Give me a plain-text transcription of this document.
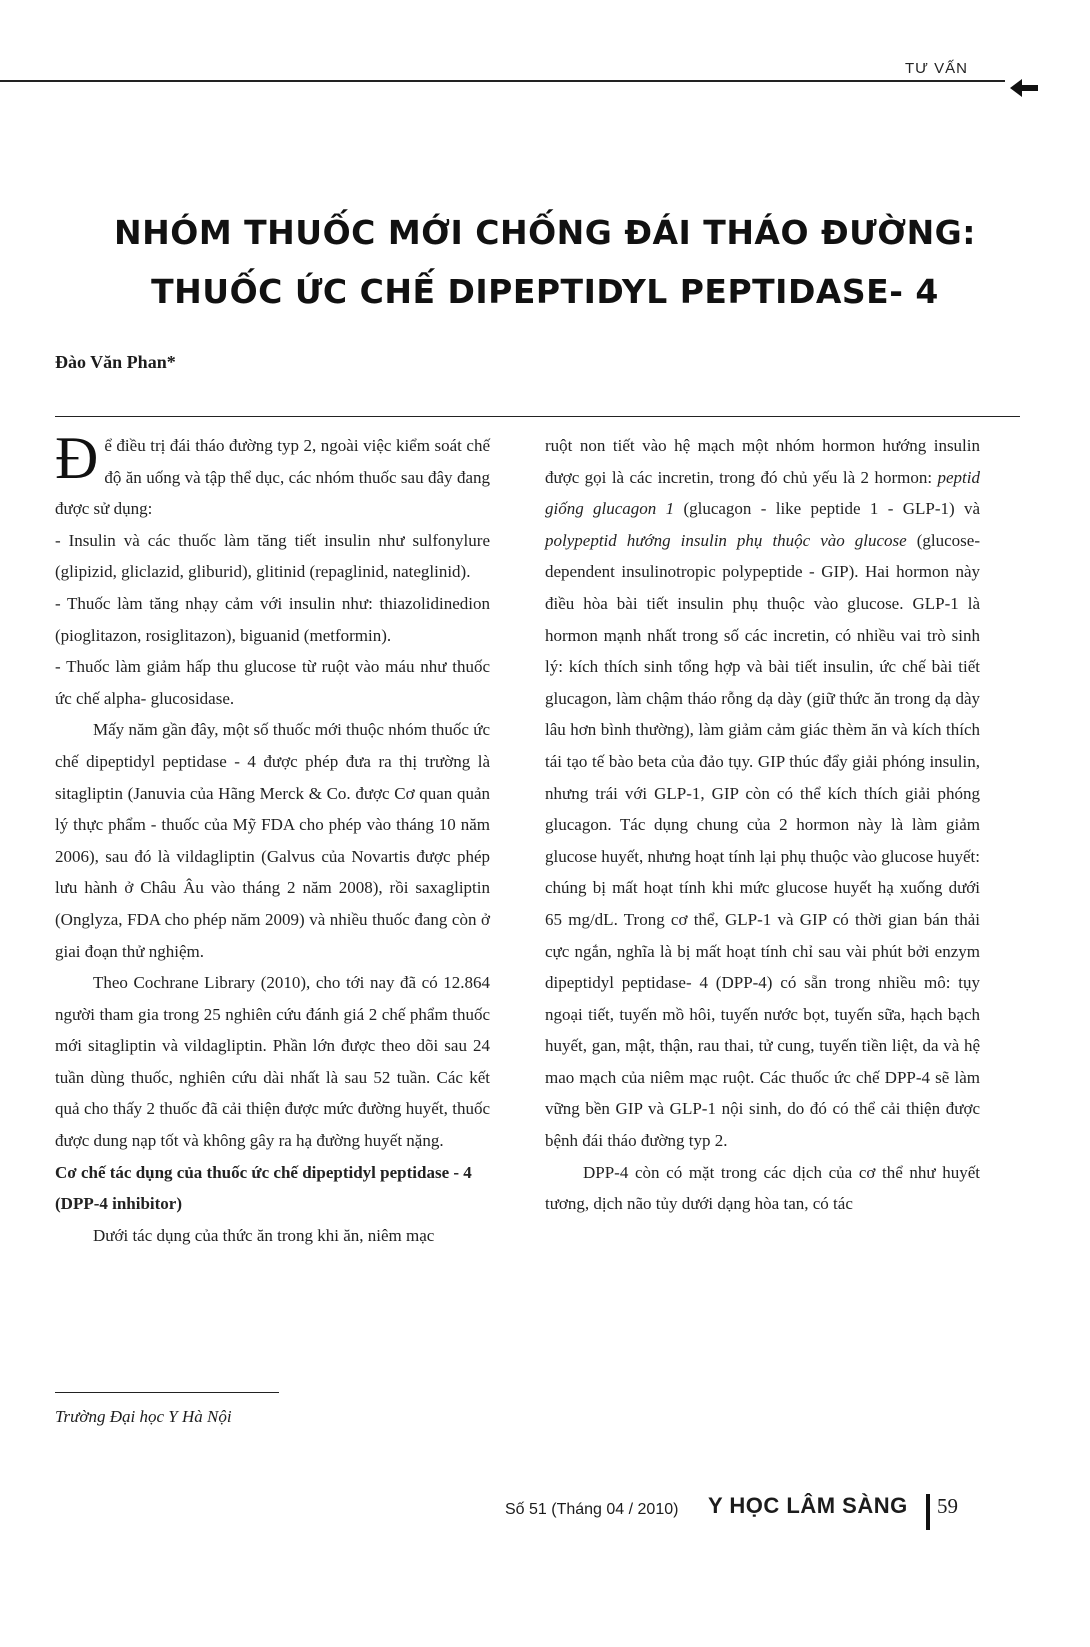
TƯ VẤN
NHÓM THUỐC MỚI CHỐNG ĐÁI THÁO ĐƯỜNG:
THUỐC ỨC CHẾ DIPEPTIDYL PEPTIDASE- 4
Đào Văn Phan*

Để điều trị đái tháo đường typ 2, ngoài việc kiểm soát chế độ ăn uống và tập thể dục, các nhóm thuốc sau đây đang được sử dụng:

- Insulin và các thuốc làm tăng tiết insulin như sulfonylure (glipizid, gliclazid, gliburid), glitinid (repaglinid, nateglinid).

- Thuốc làm tăng nhạy cảm với insulin như: thiazolidinedion (pioglitazon, rosiglitazon), biguanid (metformin).

- Thuốc làm giảm hấp thu glucose từ ruột vào máu như thuốc ức chế alpha- glucosidase.

Mấy năm gần đây, một số thuốc mới thuộc nhóm thuốc ức chế dipeptidyl peptidase - 4 được phép đưa ra thị trường là sitagliptin (Januvia của Hãng Merck & Co. được Cơ quan quản lý thực phẩm - thuốc của Mỹ FDA cho phép vào tháng 10 năm 2006), sau đó là vildagliptin (Galvus của Novartis được phép lưu hành ở Châu Âu vào tháng 2 năm 2008), rồi saxagliptin (Onglyza, FDA cho phép năm 2009) và nhiều thuốc đang còn ở giai đoạn thử nghiệm.

Theo Cochrane Library (2010), cho tới nay đã có 12.864 người tham gia trong 25 nghiên cứu đánh giá 2 chế phẩm thuốc mới sitagliptin và vildagliptin. Phần lớn được theo dõi sau 24 tuần dùng thuốc, nghiên cứu dài nhất là sau 52 tuần. Các kết quả cho thấy 2 thuốc đã cải thiện được mức đường huyết, thuốc được dung nạp tốt và không gây ra hạ đường huyết nặng.

Cơ chế tác dụng của thuốc ức chế dipeptidyl peptidase - 4 (DPP-4 inhibitor)

Dưới tác dụng của thức ăn trong khi ăn, niêm mạc

ruột non tiết vào hệ mạch một nhóm hormon hướng insulin được gọi là các incretin, trong đó chủ yếu là 2 hormon: peptid giống glucagon 1 (glucagon - like peptide 1 - GLP-1) và polypeptid hướng insulin phụ thuộc vào glucose (glucose-dependent insulinotropic polypeptide - GIP). Hai hormon này điều hòa bài tiết insulin phụ thuộc vào glucose. GLP-1 là hormon mạnh nhất trong số các incretin, có nhiều vai trò sinh lý: kích thích sinh tổng hợp và bài tiết insulin, ức chế bài tiết glucagon, làm chậm tháo rỗng dạ dày (giữ thức ăn trong dạ dày lâu hơn bình thường), làm giảm cảm giác thèm ăn và kích thích tái tạo tế bào beta của đảo tụy. GIP thúc đẩy giải phóng insulin, nhưng trái với GLP-1, GIP còn có thể kích thích giải phóng glucagon. Tác dụng chung của 2 hormon này là làm giảm glucose huyết, nhưng hoạt tính lại phụ thuộc vào glucose huyết: chúng bị mất hoạt tính khi mức glucose huyết hạ xuống dưới 65 mg/dL. Trong cơ thể, GLP-1 và GIP có thời gian bán thải cực ngắn, nghĩa là bị mất hoạt tính chỉ sau vài phút bởi enzym dipeptidyl peptidase- 4 (DPP-4) có sẵn trong nhiều mô: tụy ngoại tiết, tuyến mồ hôi, tuyến nước bọt, tuyến sữa, hạch bạch huyết, gan, mật, thận, rau thai, tử cung, tuyến tiền liệt, da và hệ mao mạch của niêm mạc ruột. Các thuốc ức chế DPP-4 sẽ làm vững bền GIP và GLP-1 nội sinh, do đó có thể cải thiện được bệnh đái tháo đường typ 2.

DPP-4 còn có mặt trong các dịch của cơ thể như huyết tương, dịch não tủy dưới dạng hòa tan, có tác

Trường Đại học Y Hà Nội
Số 51 (Tháng 04 / 2010) Y HỌC LÂM SÀNG 59
